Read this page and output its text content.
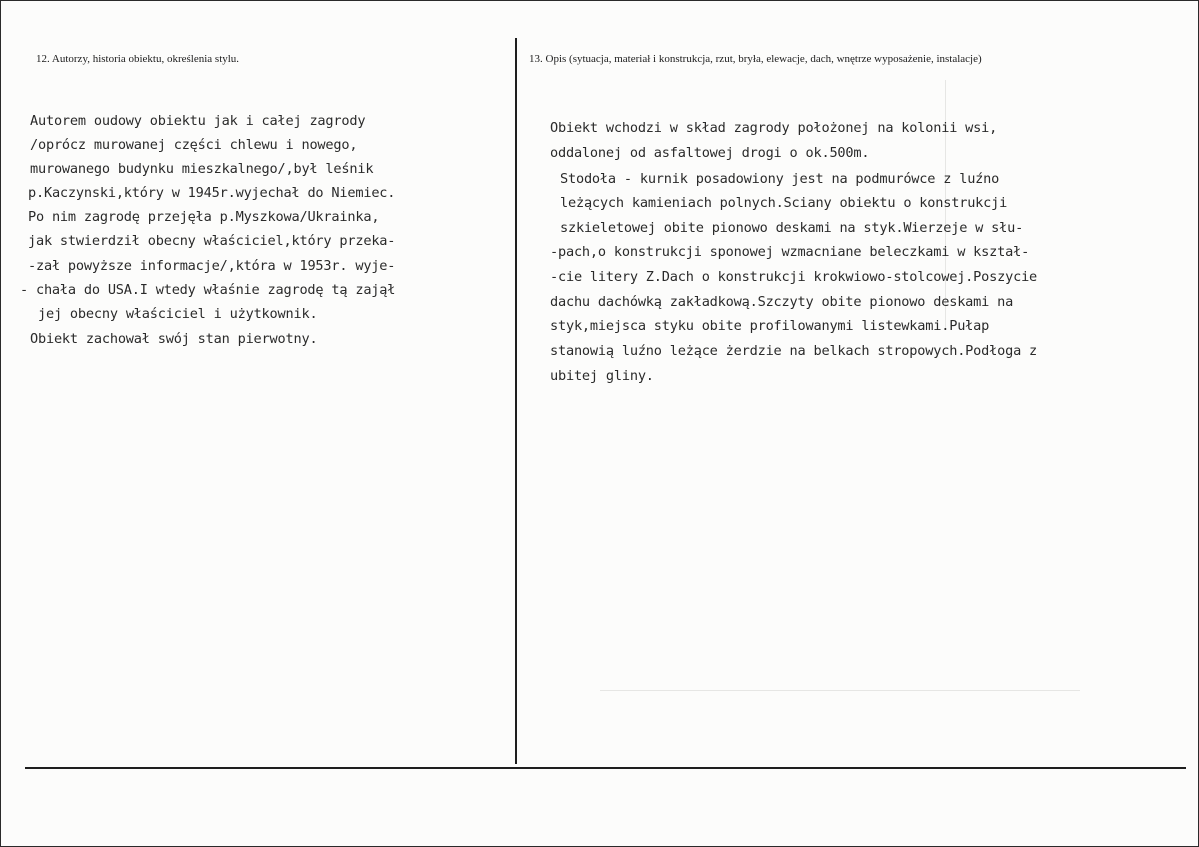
12. Autorzy, historia obiektu, określenia stylu.	13. Opis (sytuacja, materiał i konstrukcja, rzut, bryła, elewacje, dach, wnętrze wyposażenie, instalacje)
Autorem oudowy obiektu jak i całej zagrody
/oprócz murowanej części chlewu i nowego,
murowanego budynku mieszkalnego/,był leśnik
p.Kaczynski,który w 1945r.wyjechał do Niemiec.
Po nim zagrodę przejęła p.Myszkowa/Ukrainka,
jak stwierdził obecny właściciel,który przeka-
-zał powyższe informacje/,która w 1953r. wyje-
- chała do USA.I wtedy właśnie zagrodę tą zajął
jej obecny właściciel i użytkownik.
Obiekt zachował swój stan pierwotny.
Obiekt wchodzi w skład zagrody położonej na kolonii wsi,
oddalonej od asfaltowej drogi o ok.500m.
Stodoła - kurnik posadowiony jest na podmurówce z luźno
leżących kamieniach polnych.Sciany obiektu o konstrukcji
szkieletowej obite pionowo deskami na styk.Wierzeje w słu-
-pach,o konstrukcji sponowej wzmacniane beleczkami w kształ-
-cie litery Z.Dach o konstrukcji krokwiowo-stolcowej.Poszycie
dachu dachówką zakładkową.Szczyty obite pionowo deskami na
styk,miejsca styku obite profilowanymi listewkami.Pułap
stanowią luźno leżące żerdzie na belkach stropowych.Podłoga z
ubitej gliny.
